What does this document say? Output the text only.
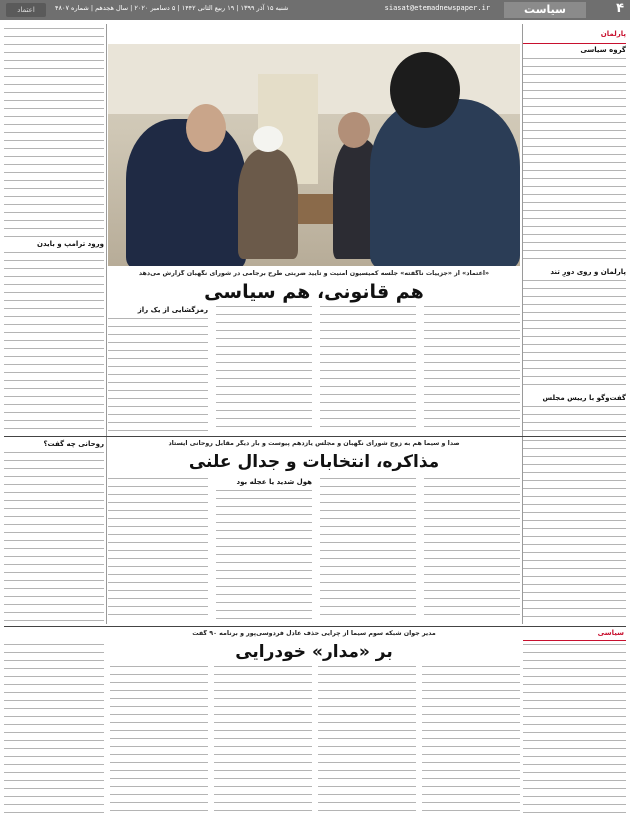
۴
سیاست
siasat@etemadnewspaper.ir
شنبه ۱۵ آذر ۱۳۹۹ | ۱۹ ربیع الثانی ۱۴۴۲ | ۵ دسامبر ۲۰۲۰ | سال هجدهم | شماره ۴۸۰۷
اعتماد
پارلمان
گروه سیاسی
پارلمان و روی دورِ تند
گفت‌وگو با رییس مجلس
ورود ترامپ و بایدن
«اعتماد» از «جزییات ناگفته» جلسه کمیسیون امنیت و تایید ضربتی طرح برجامی در شورای نگهبان گزارش می‌دهد
هم قانونی، هم سیاسی
رمزگشایی از یک راز
صدا و سیما هم به زوج شورای نگهبان و مجلس یازدهم پیوست و بار دیگر مقابل روحانی ایستاد
مذاکره، انتخابات و جدال علنی
روحانی چه گفت؟
هول شدید یا عجله بود
سیاسی
مدیر جوان شبکه سوم سیما از چرایی حذف عادل فردوسی‌پور و برنامه ۹۰ گفت
بر «مدار» خودرایی
